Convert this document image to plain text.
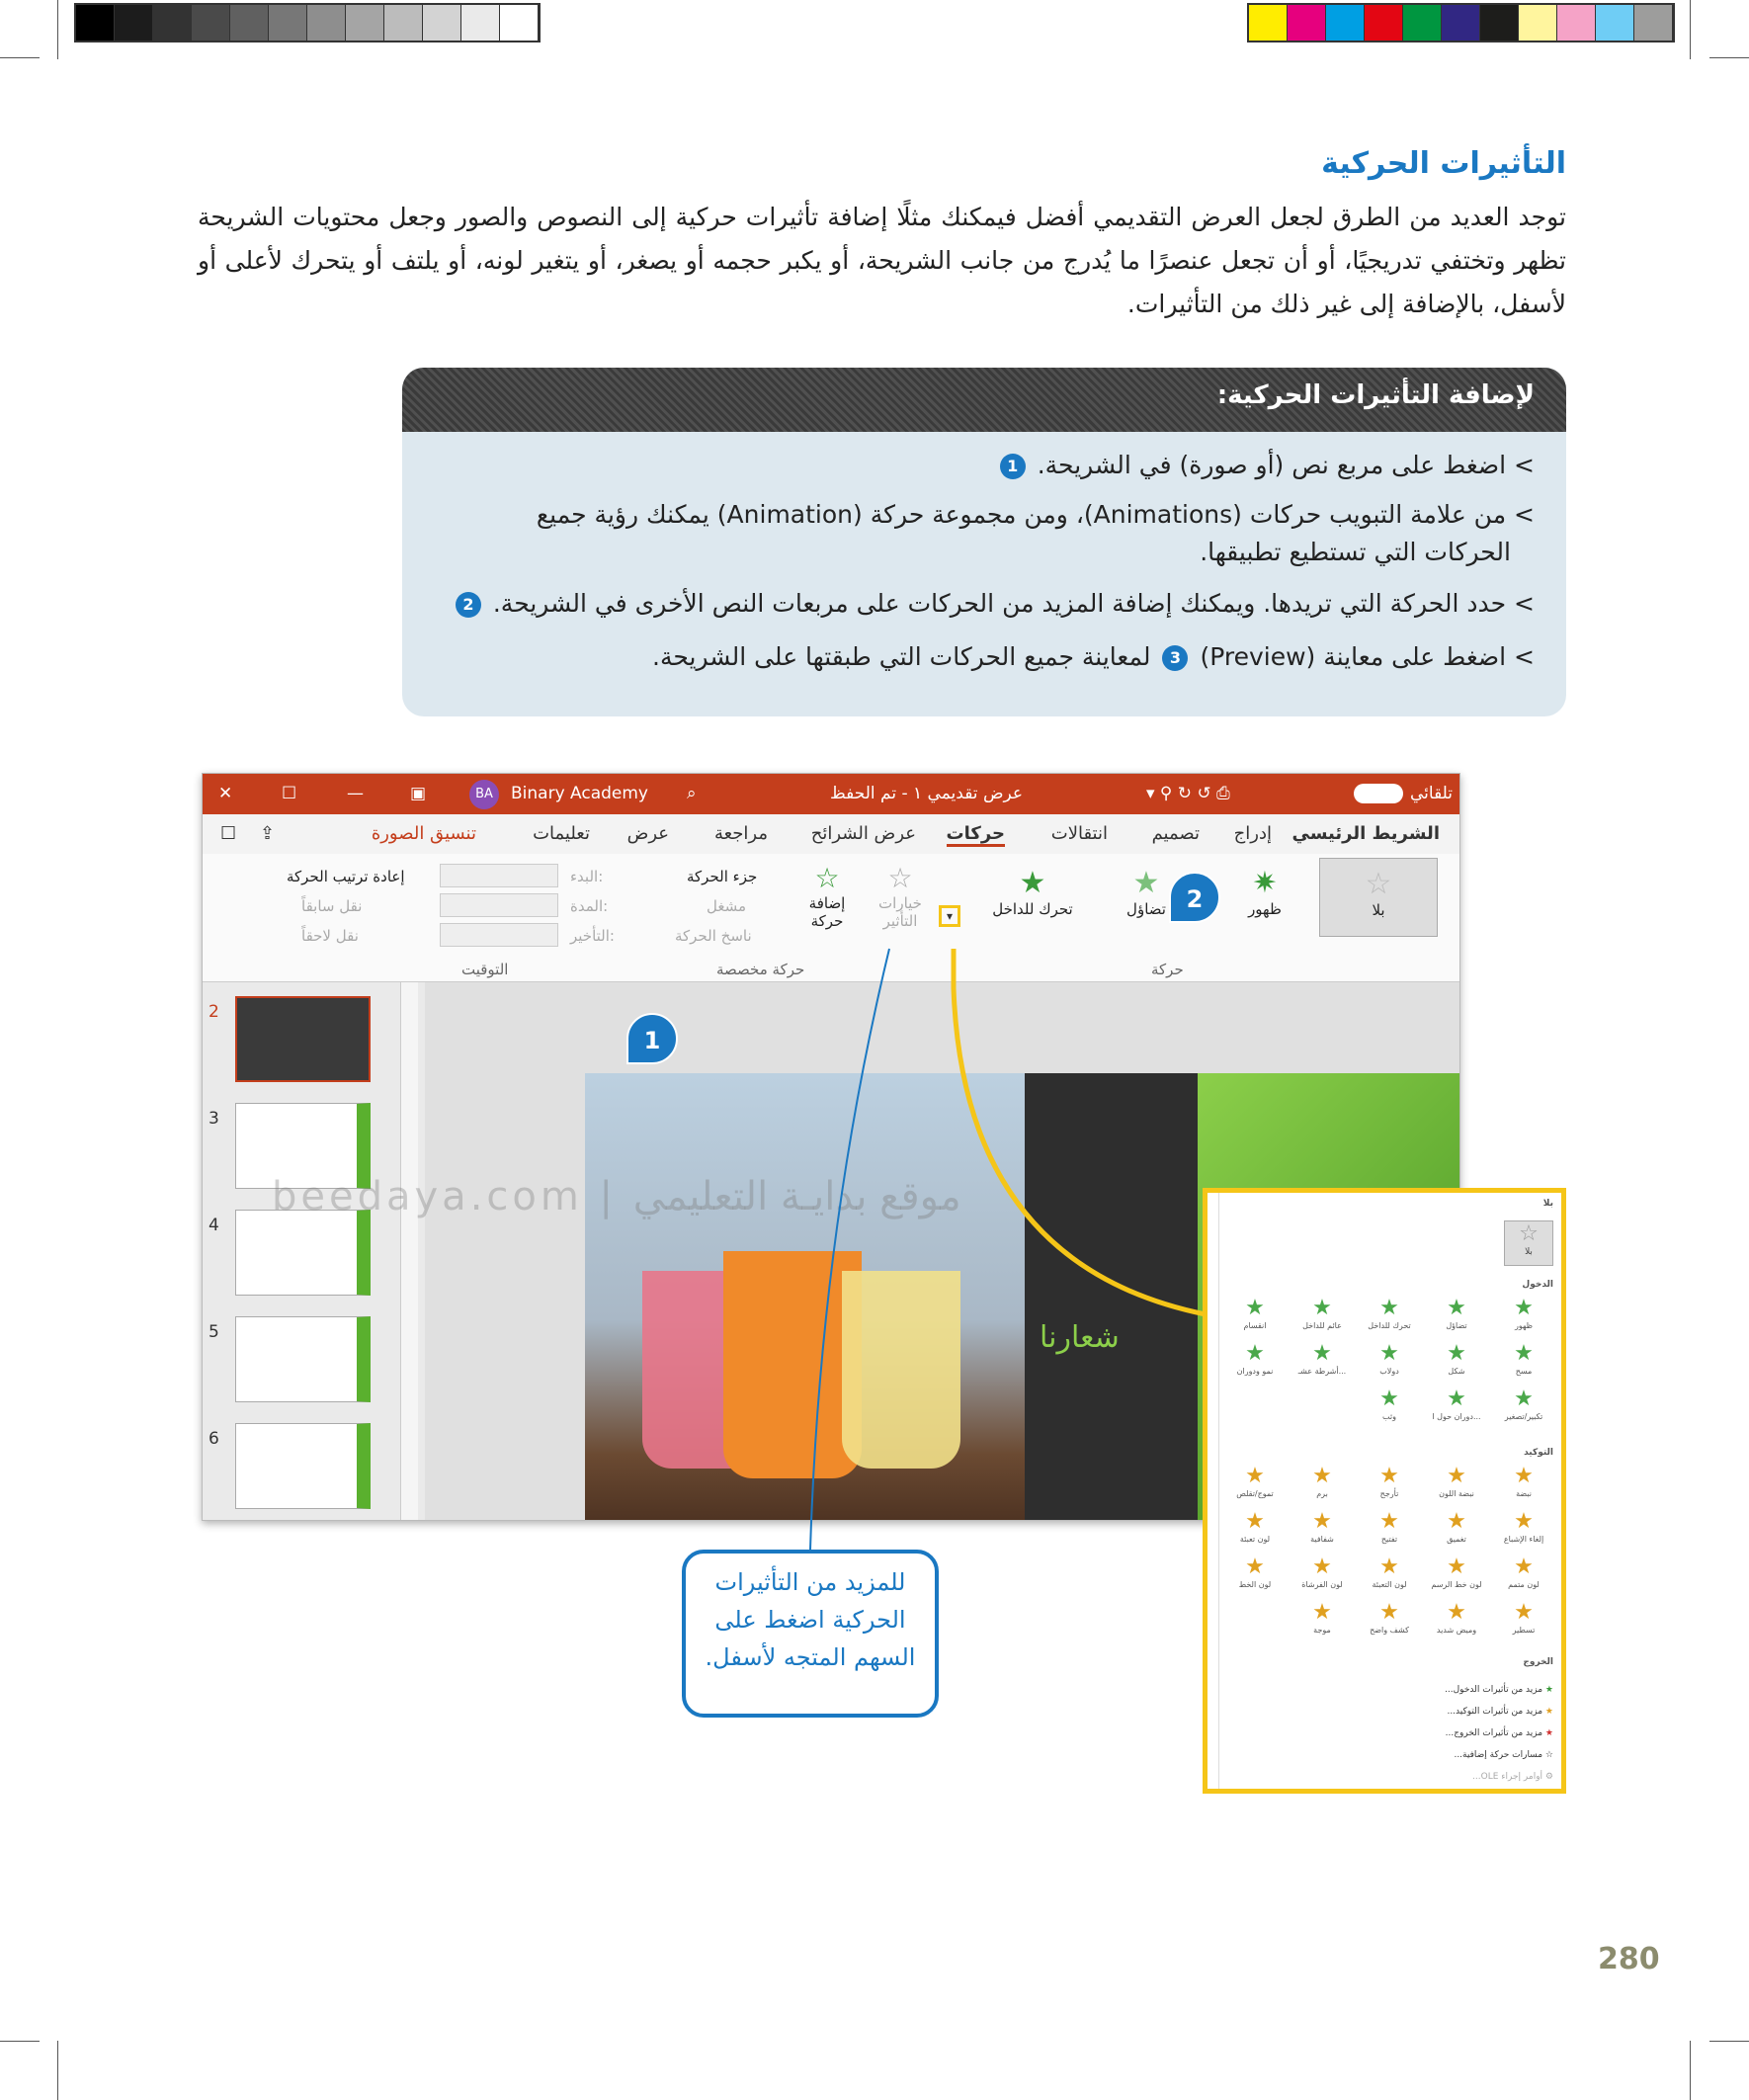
التأثيرات الحركية
توجد العديد من الطرق لجعل العرض التقديمي أفضل فيمكنك مثلًا إضافة تأثيرات حركية إلى النصوص والصور وجعل محتويات الشريحة تظهر وتختفي تدريجيًا، أو أن تجعل عنصرًا ما يُدرج من جانب الشريحة، أو يكبر حجمه أو يصغر، أو يتغير لونه، أو يلتف أو يتحرك لأعلى أو لأسفل، بالإضافة إلى غير ذلك من التأثيرات.
لإضافة التأثيرات الحركية:
> اضغط على مربع نص (أو صورة) في الشريحة. 1
> من علامة التبويب حركات (Animations)، ومن مجموعة حركة (Animation) يمكنك رؤية جميع
الحركات التي تستطيع تطبيقها.
> حدد الحركة التي تريدها. ويمكنك إضافة المزيد من الحركات على مربعات النص الأخرى في الشريحة. 2
> اضغط على معاينة (Preview) 3 لمعاينة جميع الحركات التي طبقتها على الشريحة.
✕	☐	—	▣	BA	Binary Academy ⌕	عرض تقديمي ١ - تم الحفظ	▾ ⚲ ↻ ↺ ⎙	تلقائي
الشريط الرئيسي
إدراج
تصميم
انتقالات
حركات
عرض الشرائح
مراجعة
عرض
تعليمات
تنسيق الصورة
⇪
☐
☆
بلا
✷
ظهور
★
تضاؤل
★
تحرك للداخل
▾
☆
خيارات التأثير
حركة
☆
إضافة حركة
جزء الحركة
مشغل
ناسخ الحركة
حركة مخصصة
البدء:
المدة:
التأخير:
التوقيت
إعادة ترتيب الحركة
نقل سابقاً
نقل لاحقاً
2
3
4
5
6
شعارنا
beedaya.com | موقع بدايـة التعليمي
1
2
بلا
☆
بلا
الدخول
★
ظهور
★
تضاؤل
★
تحرك للداخل
★
عائم للداخل
★
انقسام
★
مسح
★
شكل
★
دولاب
★
أشرطة عشـ...
★
نمو ودوران
★
تكبير/تصغير
★
دوران حول ا...
★
وثب
التوكيد
★
نبضة
★
نبضة اللون
★
تأرجح
★
برم
★
تموج/تقلص
★
إلغاء الإشباع
★
تغميق
★
تفتيح
★
شفافية
★
لون تعبئة
★
لون متمم
★
لون خط الرسم
★
لون التعبئة
★
لون الفرشاة
★
لون الخط
★
تسطير
★
وميض شديد
★
كشف واضح
★
موجة
الخروج
★ مزيد من تأثيرات الدخول...
★ مزيد من تأثيرات التوكيد...
★ مزيد من تأثيرات الخروج...
☆ مسارات حركة إضافية...
⚙ أوامر إجراء OLE...
للمزيد من التأثيرات
الحركية اضغط على
السهم المتجه لأسفل.
280
